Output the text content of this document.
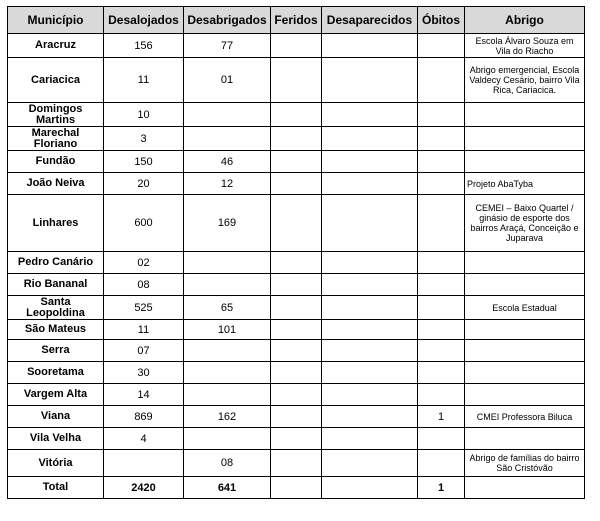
Município	Desalojados	Desabrigados	Feridos	Desaparecidos	Óbitos	Abrigo
Aracruz	156	77				Escola Álvaro Souza em Vila do Riacho
Cariacica	11	01				Abrigo emergencial, Escola Valdecy Cesário, bairro Vila Rica, Cariacica.
Domingos Martins	10					
Marechal Floriano	3					
Fundão	150	46				
João Neiva	20	12				Projeto AbaTyba
Linhares	600	169				CEMEI – Baixo Quartel / ginásio de esporte dos bairros Araçá, Conceição e Juparava
Pedro Canário	02					
Rio Bananal	08					
Santa Leopoldina	525	65				Escola Estadual
São Mateus	11	101				
Serra	07					
Sooretama	30					
Vargem Alta	14					
Viana	869	162			1	CMEI Professora Biluca
Vila Velha	4					
Vitória		08				Abrigo de famílias do bairro São Cristóvão
Total	2420	641			1	
